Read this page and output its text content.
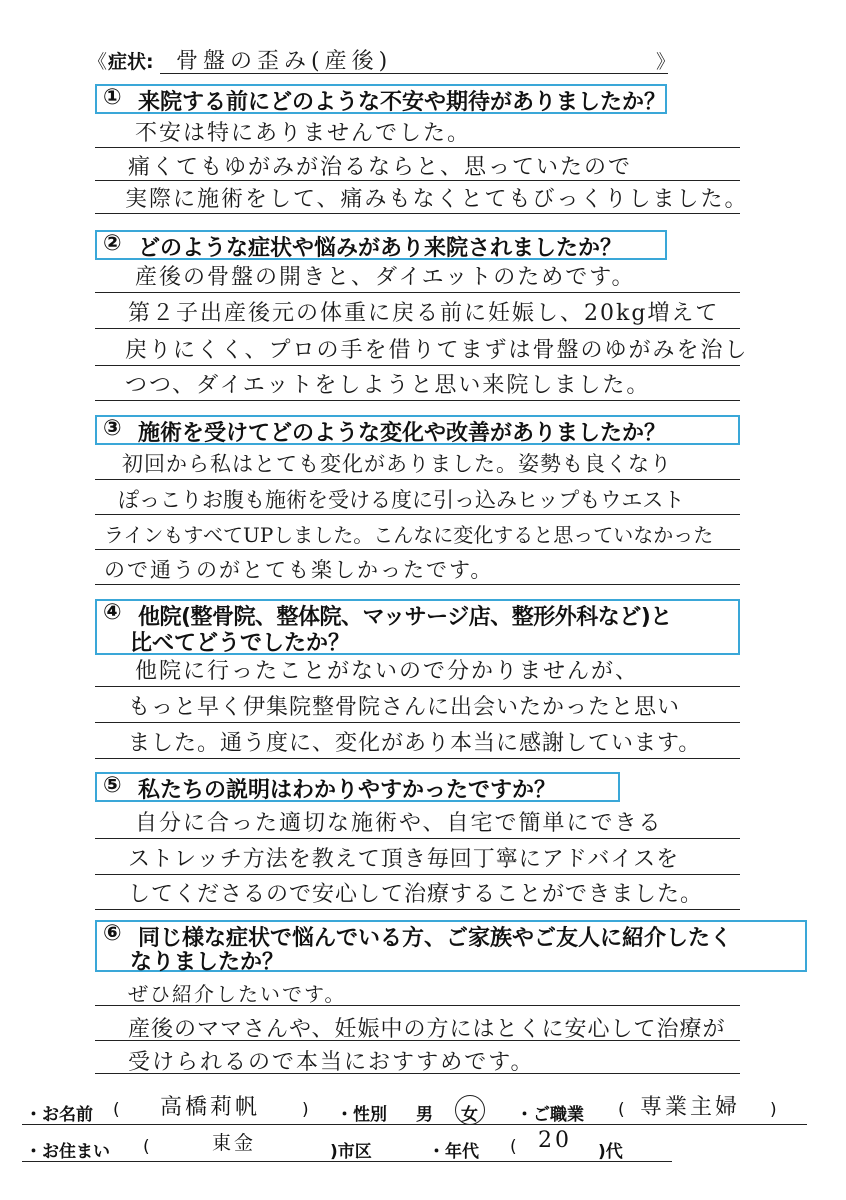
《 症状: 骨盤の歪み(産後)	》
① 来院する前にどのような不安や期待がありましたか？
不安は特にありませんでした。
痛くてもゆがみが治るならと、思っていたので
実際に施術をして、痛みもなくとてもびっくりしました。
② どのような症状や悩みがあり来院されましたか？
産後の骨盤の開きと、ダイエットのためです。
第２子出産後元の体重に戻る前に妊娠し、20kg増えて
戻りにくく、プロの手を借りてまずは骨盤のゆがみを治し
つつ、ダイエットをしようと思い来院しました。
③ 施術を受けてどのような変化や改善がありましたか？
初回から私はとても変化がありました。姿勢も良くなり
ぽっこりお腹も施術を受ける度に引っ込みヒップもウエスト
ラインもすべてUPしました。こんなに変化すると思っていなかった
ので通うのがとても楽しかったです。
④ 他院(整骨院、整体院、マッサージ店、整形外科など)と
比べてどうでしたか？
他院に行ったことがないので分かりませんが、
もっと早く伊集院整骨院さんに出会いたかったと思い
ました。通う度に、変化があり本当に感謝しています。
⑤ 私たちの説明はわかりやすかったですか？
自分に合った適切な施術や、自宅で簡単にできる
ストレッチ方法を教えて頂き毎回丁寧にアドバイスを
してくださるので安心して治療することができました。
⑥ 同じ様な症状で悩んでいる方、ご家族やご友人に紹介したく
なりましたか？
ぜひ紹介したいです。
産後のママさんや、妊娠中の方にはとくに安心して治療が
受けられるので本当におすすめです。
・お名前 ( 高橋莉帆 ) ・性別 男 女 ・ご職業 ( 専業主婦 )
・お住まい (	東金	)市区	・年代 ( 20 )代
